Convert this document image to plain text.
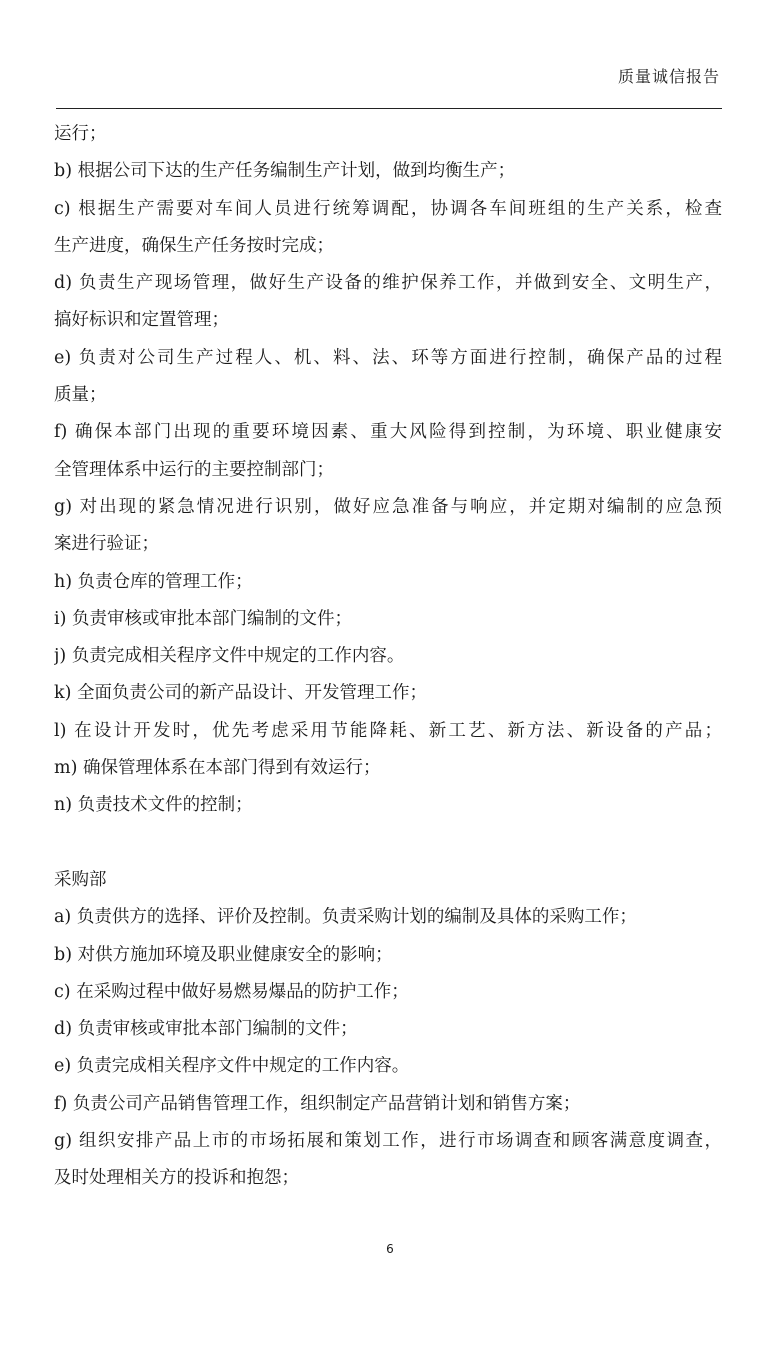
质量诚信报告
运行；
b) 根据公司下达的生产任务编制生产计划，做到均衡生产；
c) 根据生产需要对车间人员进行统筹调配，协调各车间班组的生产关系，检查
生产进度，确保生产任务按时完成；
d) 负责生产现场管理，做好生产设备的维护保养工作，并做到安全、文明生产，
搞好标识和定置管理；
e) 负责对公司生产过程人、机、料、法、环等方面进行控制，确保产品的过程
质量；
f) 确保本部门出现的重要环境因素、重大风险得到控制，为环境、职业健康安
全管理体系中运行的主要控制部门；
g) 对出现的紧急情况进行识别，做好应急准备与响应，并定期对编制的应急预
案进行验证；
h) 负责仓库的管理工作；
i) 负责审核或审批本部门编制的文件；
j) 负责完成相关程序文件中规定的工作内容。
k) 全面负责公司的新产品设计、开发管理工作；
l) 在设计开发时，优先考虑采用节能降耗、新工艺、新方法、新设备的产品；
m) 确保管理体系在本部门得到有效运行；
n) 负责技术文件的控制；
采购部
a) 负责供方的选择、评价及控制。负责采购计划的编制及具体的采购工作；
b) 对供方施加环境及职业健康安全的影响；
c) 在采购过程中做好易燃易爆品的防护工作；
d) 负责审核或审批本部门编制的文件；
e) 负责完成相关程序文件中规定的工作内容。
f) 负责公司产品销售管理工作，组织制定产品营销计划和销售方案；
g) 组织安排产品上市的市场拓展和策划工作，进行市场调查和顾客满意度调查，
及时处理相关方的投诉和抱怨；
6
